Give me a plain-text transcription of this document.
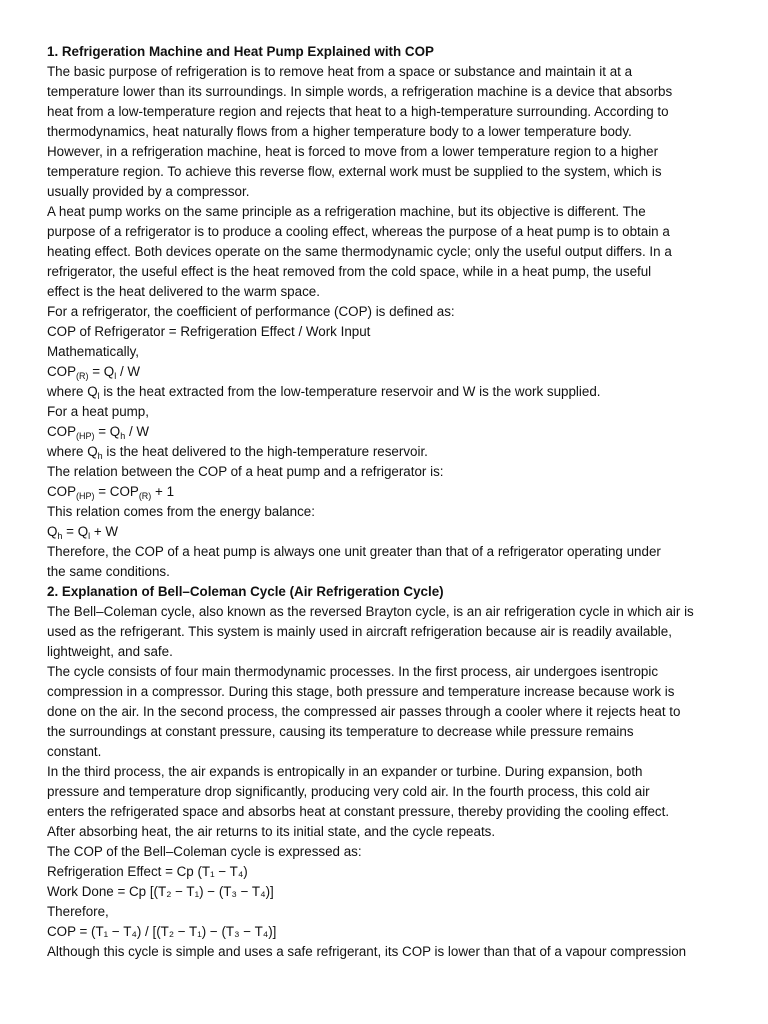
1. Refrigeration Machine and Heat Pump Explained with COP
The basic purpose of refrigeration is to remove heat from a space or substance and maintain it at a
temperature lower than its surroundings. In simple words, a refrigeration machine is a device that absorbs
heat from a low-temperature region and rejects that heat to a high-temperature surrounding. According to
thermodynamics, heat naturally flows from a higher temperature body to a lower temperature body.
However, in a refrigeration machine, heat is forced to move from a lower temperature region to a higher
temperature region. To achieve this reverse flow, external work must be supplied to the system, which is
usually provided by a compressor.
A heat pump works on the same principle as a refrigeration machine, but its objective is different. The
purpose of a refrigerator is to produce a cooling effect, whereas the purpose of a heat pump is to obtain a
heating effect. Both devices operate on the same thermodynamic cycle; only the useful output differs. In a
refrigerator, the useful effect is the heat removed from the cold space, while in a heat pump, the useful
effect is the heat delivered to the warm space.
For a refrigerator, the coefficient of performance (COP) is defined as:
COP of Refrigerator = Refrigeration Effect / Work Input
Mathematically,
$COP_{(R)} = Q_l / W$
where $Q_l$ is the heat extracted from the low-temperature reservoir and W is the work supplied.
For a heat pump,
$COP_{(HP)} = Q_h / W$
where $Q_h$ is the heat delivered to the high-temperature reservoir.
The relation between the COP of a heat pump and a refrigerator is:
$COP_{(HP)} = COP_{(R)} + 1$
This relation comes from the energy balance:
$Q_h = Q_l + W$
Therefore, the COP of a heat pump is always one unit greater than that of a refrigerator operating under
the same conditions.
2. Explanation of Bell–Coleman Cycle (Air Refrigeration Cycle)
The Bell–Coleman cycle, also known as the reversed Brayton cycle, is an air refrigeration cycle in which air is
used as the refrigerant. This system is mainly used in aircraft refrigeration because air is readily available,
lightweight, and safe.
The cycle consists of four main thermodynamic processes. In the first process, air undergoes isentropic
compression in a compressor. During this stage, both pressure and temperature increase because work is
done on the air. In the second process, the compressed air passes through a cooler where it rejects heat to
the surroundings at constant pressure, causing its temperature to decrease while pressure remains
constant.
In the third process, the air expands is entropically in an expander or turbine. During expansion, both
pressure and temperature drop significantly, producing very cold air. In the fourth process, this cold air
enters the refrigerated space and absorbs heat at constant pressure, thereby providing the cooling effect.
After absorbing heat, the air returns to its initial state, and the cycle repeats.
The COP of the Bell–Coleman cycle is expressed as:
Refrigeration Effect = Cp (T₁ − T₄)
Work Done = Cp [(T₂ − T₁) − (T₃ − T₄)]
Therefore,
COP = (T₁ − T₄) / [(T₂ − T₁) − (T₃ − T₄)]
Although this cycle is simple and uses a safe refrigerant, its COP is lower than that of a vapour compression
